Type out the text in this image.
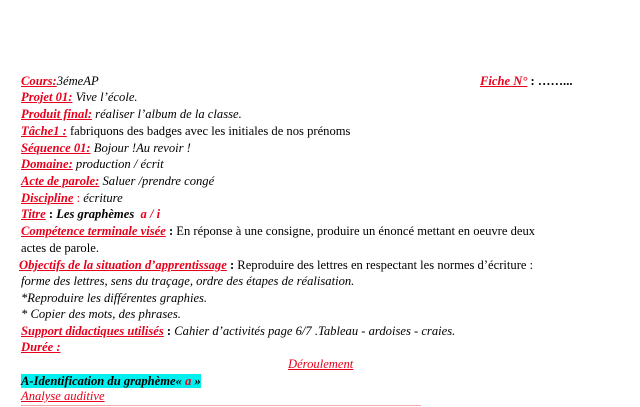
Cours:3émeAP	Fiche N° : ……...
Projet 01: Vive l’école.
Produit final: réaliser l’album de la classe.
Tâche1 : fabriquons des badges avec les initiales de nos prénoms
Séquence 01: Bojour !Au revoir !
Domaine: production / écrit
Acte de parole: Saluer /prendre congé
Discipline : écriture
Titre : Les graphèmes a / i
Compétence terminale visée : En réponse à une consigne, produire un énoncé mettant en oeuvre deux
actes de parole.
Objectifs de la situation d’apprentissage : Reproduire des lettres en respectant les normes d’écriture :
forme des lettres, sens du traçage, ordre des étapes de réalisation.
*Reproduire les différentes graphies.
* Copier des mots, des phrases.
Support didactiques utilisés : Cahier d’activités page 6/7 .Tableau - ardoises - craies.
Durée :
Déroulement
A-Identification du graphème« a »
Analyse auditive
